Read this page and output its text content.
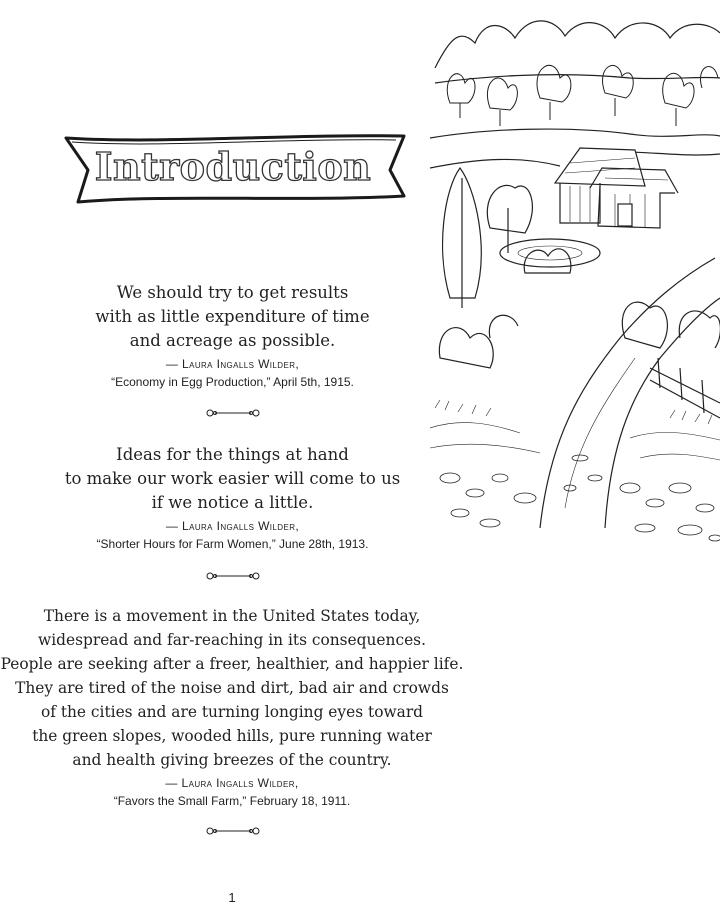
Introduction
We should try to get results
with as little expenditure of time
and acreage as possible.
— Laura Ingalls Wilder,
“Economy in Egg Production,” April 5th, 1915.
Ideas for the things at hand
to make our work easier will come to us
if we notice a little.
— Laura Ingalls Wilder,
“Shorter Hours for Farm Women,” June 28th, 1913.
There is a movement in the United States today,
widespread and far-reaching in its consequences.
People are seeking after a freer, healthier, and happier life.
They are tired of the noise and dirt, bad air and crowds
of the cities and are turning longing eyes toward
the green slopes, wooded hills, pure running water
and health giving breezes of the country.
— Laura Ingalls Wilder,
“Favors the Small Farm,” February 18, 1911.
1
